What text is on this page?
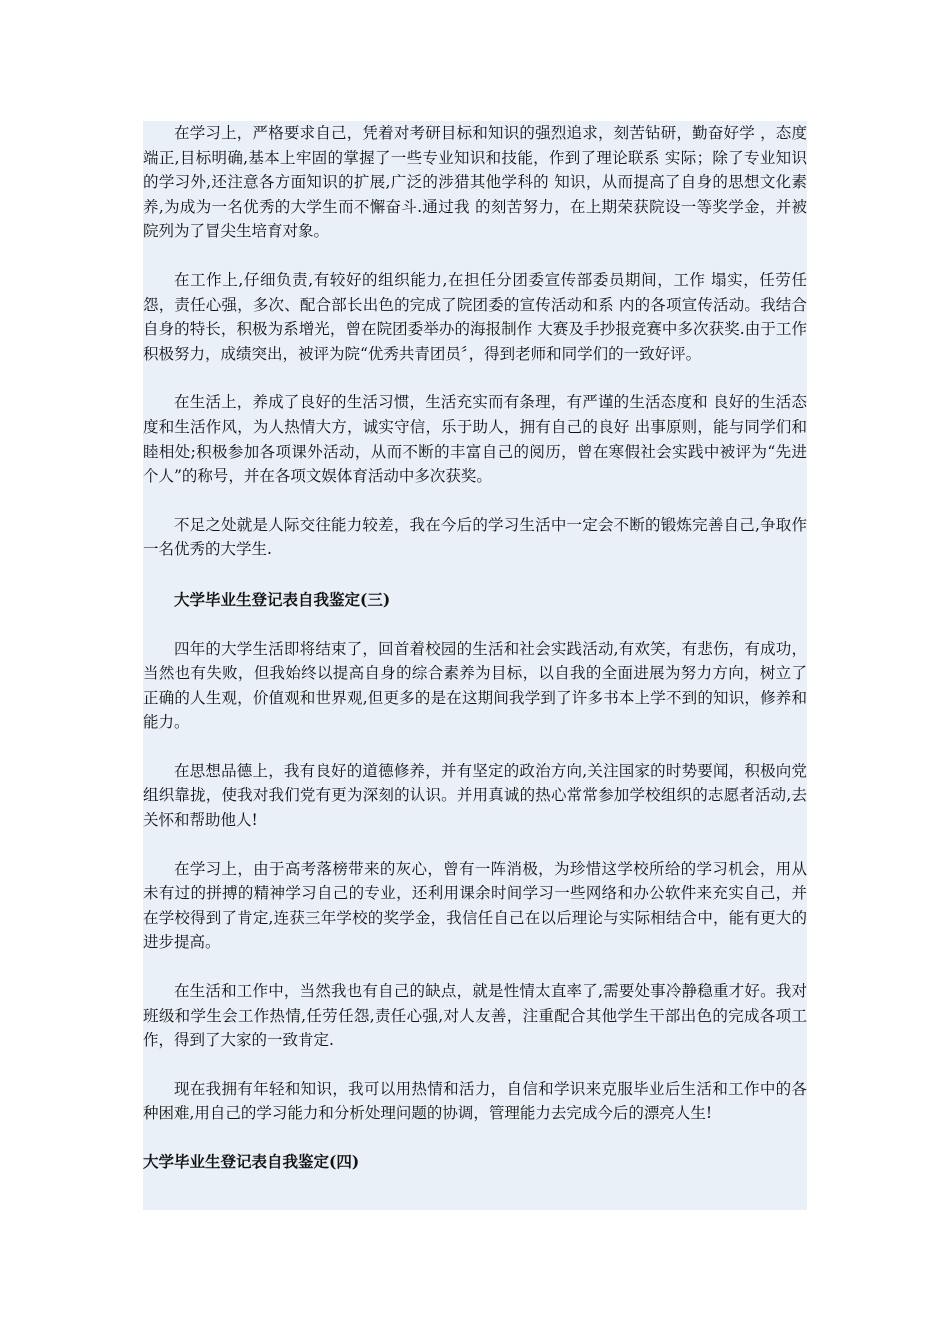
在学习上，严格要求自己，凭着对考研目标和知识的强烈追求，刻苦钻研，勤奋好学 ，态度端正,目标明确,基本上牢固的掌握了一些专业知识和技能，作到了理论联系 实际；除了专业知识的学习外,还注意各方面知识的扩展,广泛的涉猎其他学科的 知识，从而提高了自身的思想文化素养,为成为一名优秀的大学生而不懈奋斗.通过我 的刻苦努力，在上期荣获院设一等奖学金，并被院列为了冒尖生培育对象。

在工作上,仔细负责,有较好的组织能力,在担任分团委宣传部委员期间，工作 塌实，任劳任怨，责任心强，多次、配合部长出色的完成了院团委的宣传活动和系 内的各项宣传活动。我结合自身的特长，积极为系增光，曾在院团委举办的海报制作 大赛及手抄报竞赛中多次获奖.由于工作积极努力，成绩突出，被评为院“优秀共青团员〞，得到老师和同学们的一致好评。

在生活上，养成了良好的生活习惯，生活充实而有条理，有严谨的生活态度和 良好的生活态度和生活作风，为人热情大方，诚实守信，乐于助人，拥有自己的良好 出事原则，能与同学们和睦相处;积极参加各项课外活动，从而不断的丰富自己的阅历，曾在寒假社会实践中被评为“先进个人”的称号，并在各项文娱体育活动中多次获奖。

不足之处就是人际交往能力较差，我在今后的学习生活中一定会不断的锻炼完善自己,争取作一名优秀的大学生.

大学毕业生登记表自我鉴定(三)

四年的大学生活即将结束了，回首着校园的生活和社会实践活动,有欢笑，有悲伤，有成功，当然也有失败，但我始终以提高自身的综合素养为目标，以自我的全面进展为努力方向，树立了正确的人生观，价值观和世界观,但更多的是在这期间我学到了许多书本上学不到的知识，修养和能力。

在思想品德上，我有良好的道德修养，并有坚定的政治方向,关注国家的时势要闻，积极向党组织靠拢，使我对我们党有更为深刻的认识。并用真诚的热心常常参加学校组织的志愿者活动,去关怀和帮助他人!

在学习上，由于高考落榜带来的灰心，曾有一阵消极，为珍惜这学校所给的学习机会，用从未有过的拼搏的精神学习自己的专业，还利用课余时间学习一些网络和办公软件来充实自己，并在学校得到了肯定,连获三年学校的奖学金，我信任自己在以后理论与实际相结合中，能有更大的进步提高。

在生活和工作中，当然我也有自己的缺点，就是性情太直率了,需要处事冷静稳重才好。我对班级和学生会工作热情,任劳任怨,责任心强,对人友善，注重配合其他学生干部出色的完成各项工作，得到了大家的一致肯定.

现在我拥有年轻和知识，我可以用热情和活力，自信和学识来克服毕业后生活和工作中的各种困难,用自己的学习能力和分析处理问题的协调，管理能力去完成今后的漂亮人生!

大学毕业生登记表自我鉴定(四)
